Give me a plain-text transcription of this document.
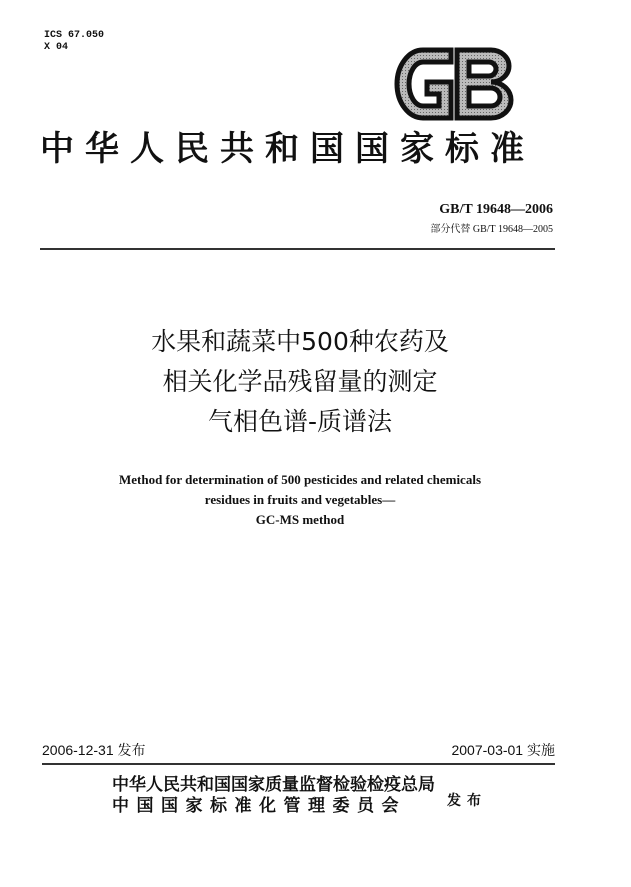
ICS 67.050
X 04
中华人民共和国国家标准
GB/T 19648—2006
部分代替 GB/T 19648—2005
水果和蔬菜中500种农药及
相关化学品残留量的测定
气相色谱-质谱法
Method for determination of 500 pesticides and related chemicals
residues in fruits and vegetables—
GC-MS method
2006-12-31 发布	2007-03-01 实施
中华人民共和国国家质量监督检验检疫总局
中国国家标准化管理委员会	发布
